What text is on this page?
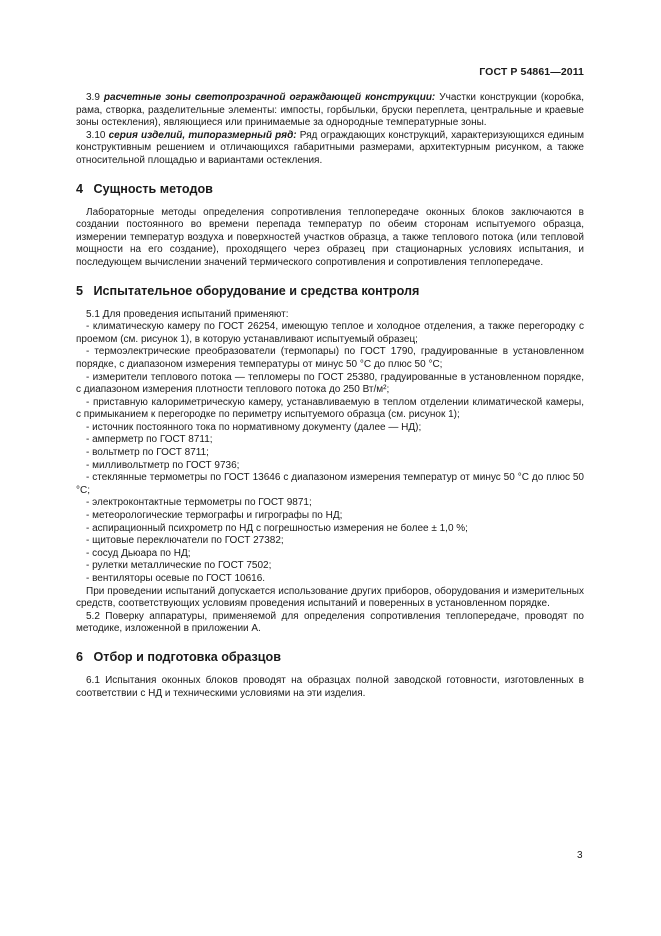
ГОСТ Р 54861—2011

3.9 расчетные зоны светопрозрачной ограждающей конструкции: Участки конструкции (коробка, рама, створка, разделительные элементы: импосты, горбыльки, бруски переплета, центральные и краевые зоны остекления), являющиеся или принимаемые за однородные температурные зоны.

3.10 серия изделий, типоразмерный ряд: Ряд ограждающих конструкций, характеризующихся единым конструктивным решением и отличающихся габаритными размерами, архитектурным рисунком, а также относительной площадью и вариантами остекления.

4 Сущность методов

Лабораторные методы определения сопротивления теплопередаче оконных блоков заключаются в создании постоянного во времени перепада температур по обеим сторонам испытуемого образца, измерении температур воздуха и поверхностей участков образца, а также теплового потока (или тепловой мощности на его создание), проходящего через образец при стационарных условиях испытания, и последующем вычислении значений термического сопротивления и сопротивления теплопередаче.

5 Испытательное оборудование и средства контроля

5.1 Для проведения испытаний применяют:

- климатическую камеру по ГОСТ 26254, имеющую теплое и холодное отделения, а также перегородку с проемом (см. рисунок 1), в которую устанавливают испытуемый образец;

- термоэлектрические преобразователи (термопары) по ГОСТ 1790, градуированные в установленном порядке, с диапазоном измерения температуры от минус 50 °С до плюс 50 °С;

- измерители теплового потока — тепломеры по ГОСТ 25380, градуированные в установленном порядке, с диапазоном измерения плотности теплового потока до 250 Вт/м²;

- приставную калориметрическую камеру, устанавливаемую в теплом отделении климатической камеры, с примыканием к перегородке по периметру испытуемого образца (см. рисунок 1);

- источник постоянного тока по нормативному документу (далее — НД);

- амперметр по ГОСТ 8711;

- вольтметр по ГОСТ 8711;

- милливольтметр по ГОСТ 9736;

- стеклянные термометры по ГОСТ 13646 с диапазоном измерения температур от минус 50 °С до плюс 50 °С;

- электроконтактные термометры по ГОСТ 9871;

- метеорологические термографы и гигрографы по НД;

- аспирационный психрометр по НД с погрешностью измерения не более ± 1,0 %;

- щитовые переключатели по ГОСТ 27382;

- сосуд Дьюара по НД;

- рулетки металлические по ГОСТ 7502;

- вентиляторы осевые по ГОСТ 10616.

При проведении испытаний допускается использование других приборов, оборудования и измерительных средств, соответствующих условиям проведения испытаний и поверенных в установленном порядке.

5.2 Поверку аппаратуры, применяемой для определения сопротивления теплопередаче, проводят по методике, изложенной в приложении А.

6 Отбор и подготовка образцов

6.1 Испытания оконных блоков проводят на образцах полной заводской готовности, изготовленных в соответствии с НД и техническими условиями на эти изделия.

3
